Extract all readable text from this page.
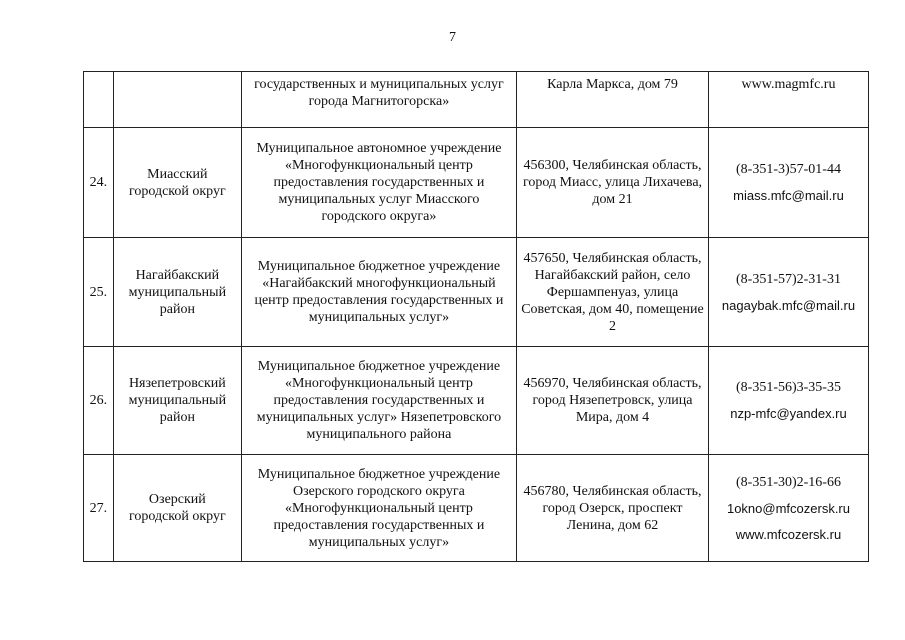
7
		государственных и муниципальных услуг города Магнитогорска»	Карла Маркса, дом 79	www.magmfc.ru
24.	Миасский городской округ	Муниципальное автономное учреждение «Многофункциональный центр предоставления государственных и муниципальных услуг Миасского городского округа»	456300, Челябинская область, город Миасс, улица Лихачева, дом 21	(8-351-3)57-01-44
miass.mfc@mail.ru

25.	Нагайбакский муниципальный район	Муниципальное бюджетное учреждение «Нагайбакский многофункциональный центр предоставления государственных и муниципальных услуг»	457650, Челябинская область, Нагайбакский район, село Фершампенуаз, улица Советская, дом 40, помещение 2	(8-351-57)2-31-31
nagaybak.mfc@mail.ru

26.	Нязепетровский муниципальный район	Муниципальное бюджетное учреждение «Многофункциональный центр предоставления государственных и муниципальных услуг» Нязепетровского муниципального района	456970, Челябинская область, город Нязепетровск, улица Мира, дом 4	(8-351-56)3-35-35
nzp-mfc@yandex.ru

27.	Озерский городской округ	Муниципальное бюджетное учреждение Озерского городского округа «Многофункциональный центр предоставления государственных и муниципальных услуг»	456780, Челябинская область, город Озерск, проспект Ленина, дом 62	(8-351-30)2-16-66
1okno@mfcozersk.ru
www.mfcozersk.ru
